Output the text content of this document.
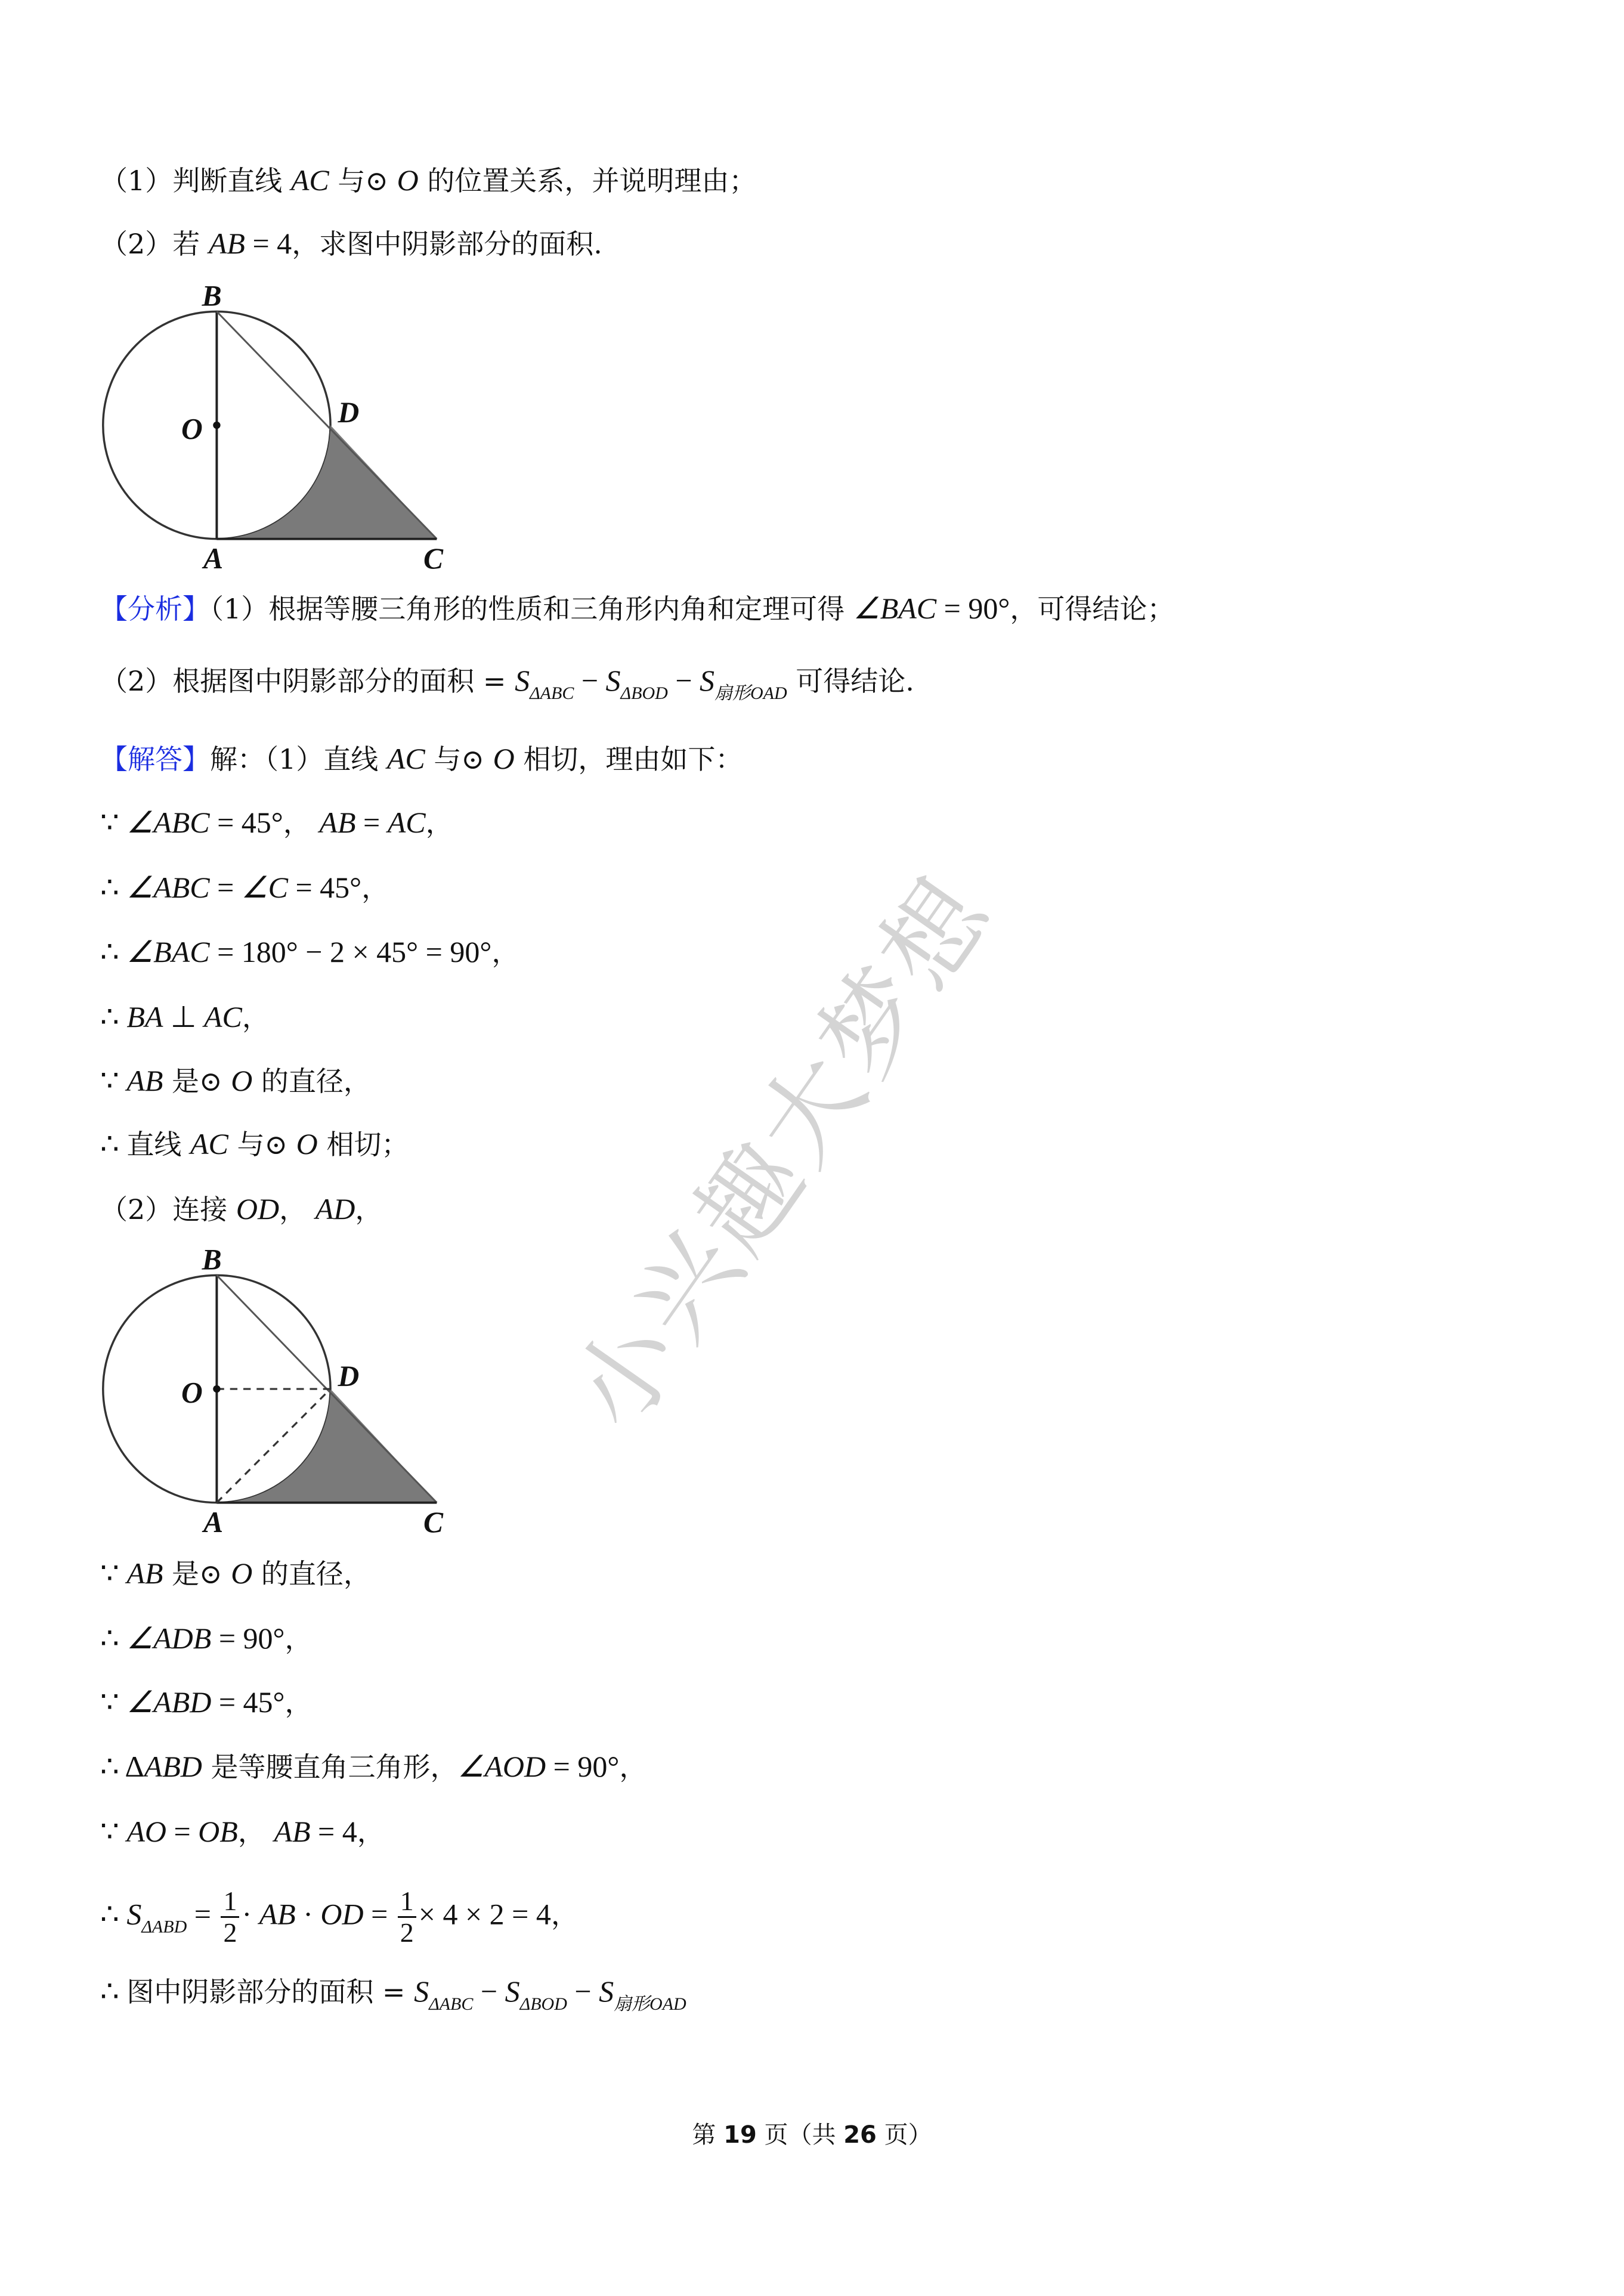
小兴趣大梦想
（1）判断直线 AC 与⊙ O 的位置关系，并说明理由；
（2）若 AB = 4，求图中阴影部分的面积.
B
O	D
A	C
【分析】（1）根据等腰三角形的性质和三角形内角和定理可得 ∠BAC = 90°，可得结论；
（2）根据图中阴影部分的面积 = $S_{\Delta ABC} - S_{\Delta BOD} - S_{扇形OAD}$ 可得结论.
【解答】解：（1）直线 AC 与⊙ O 相切，理由如下：
∵ ∠ABC = 45°， AB = AC，
∴ ∠ABC = ∠C = 45°，
∴ ∠BAC = 180° − 2 × 45° = 90°，
∴ BA ⊥ AC，
∵ AB 是⊙ O 的直径，
∴ 直线 AC 与⊙ O 相切；
（2）连接 OD， AD，
B
O	D
A	C
∵ AB 是⊙ O 的直径，
∴ ∠ADB = 90°，
∵ ∠ABD = 45°，
∴ ΔABD 是等腰直角三角形，∠AOD = 90°，
∵ AO = OB， AB = 4，
∴ $S_{\Delta ABD} = \frac{1}{2}$ · AB · OD = $\frac{1}{2} \times 4 \times 2 = 4$，
∴ 图中阴影部分的面积 = $S_{\Delta ABC} - S_{\Delta BOD} - S_{扇形OAD}$
第 19 页（共 26 页）
